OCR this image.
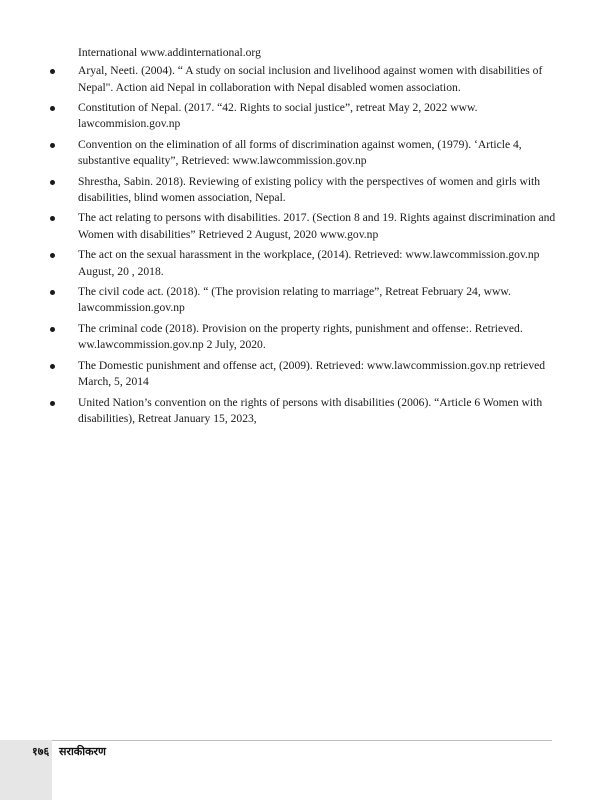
International www.addinternational.org

Aryal, Neeti. (2004). “ A study on social inclusion and livelihood against women with disabilities of Nepal". Action aid Nepal in collaboration with Nepal disabled women association.
Constitution of Nepal. (2017. “42. Rights to social justice”, retreat May 2, 2022 www. lawcommision.gov.np
Convention on the elimination of all forms of discrimination against women, (1979). ‘Article 4, substantive equality”, Retrieved: www.lawcommission.gov.np
Shrestha, Sabin. 2018). Reviewing of existing policy with the perspectives of women and girls with disabilities, blind women association, Nepal.
The act relating to persons with disabilities. 2017. (Section 8 and 19. Rights against discrimination and Women with disabilities” Retrieved 2 August, 2020 www.gov.np
The act on the sexual harassment in the workplace, (2014). Retrieved: www.lawcommission.gov.np August, 20 , 2018.
The civil code act. (2018). “ (The provision relating to marriage”, Retreat February 24, www. lawcommission.gov.np
The criminal code (2018). Provision on the property rights, punishment and offense:. Retrieved. ww.lawcommission.gov.np 2 July, 2020.
The Domestic punishment and offense act, (2009). Retrieved: www.lawcommission.gov.np retrieved March, 5, 2014
United Nation’s convention on the rights of persons with disabilities (2006). “Article 6 Women with disabilities), Retreat January 15, 2023,
१७६ सराकीकरण
